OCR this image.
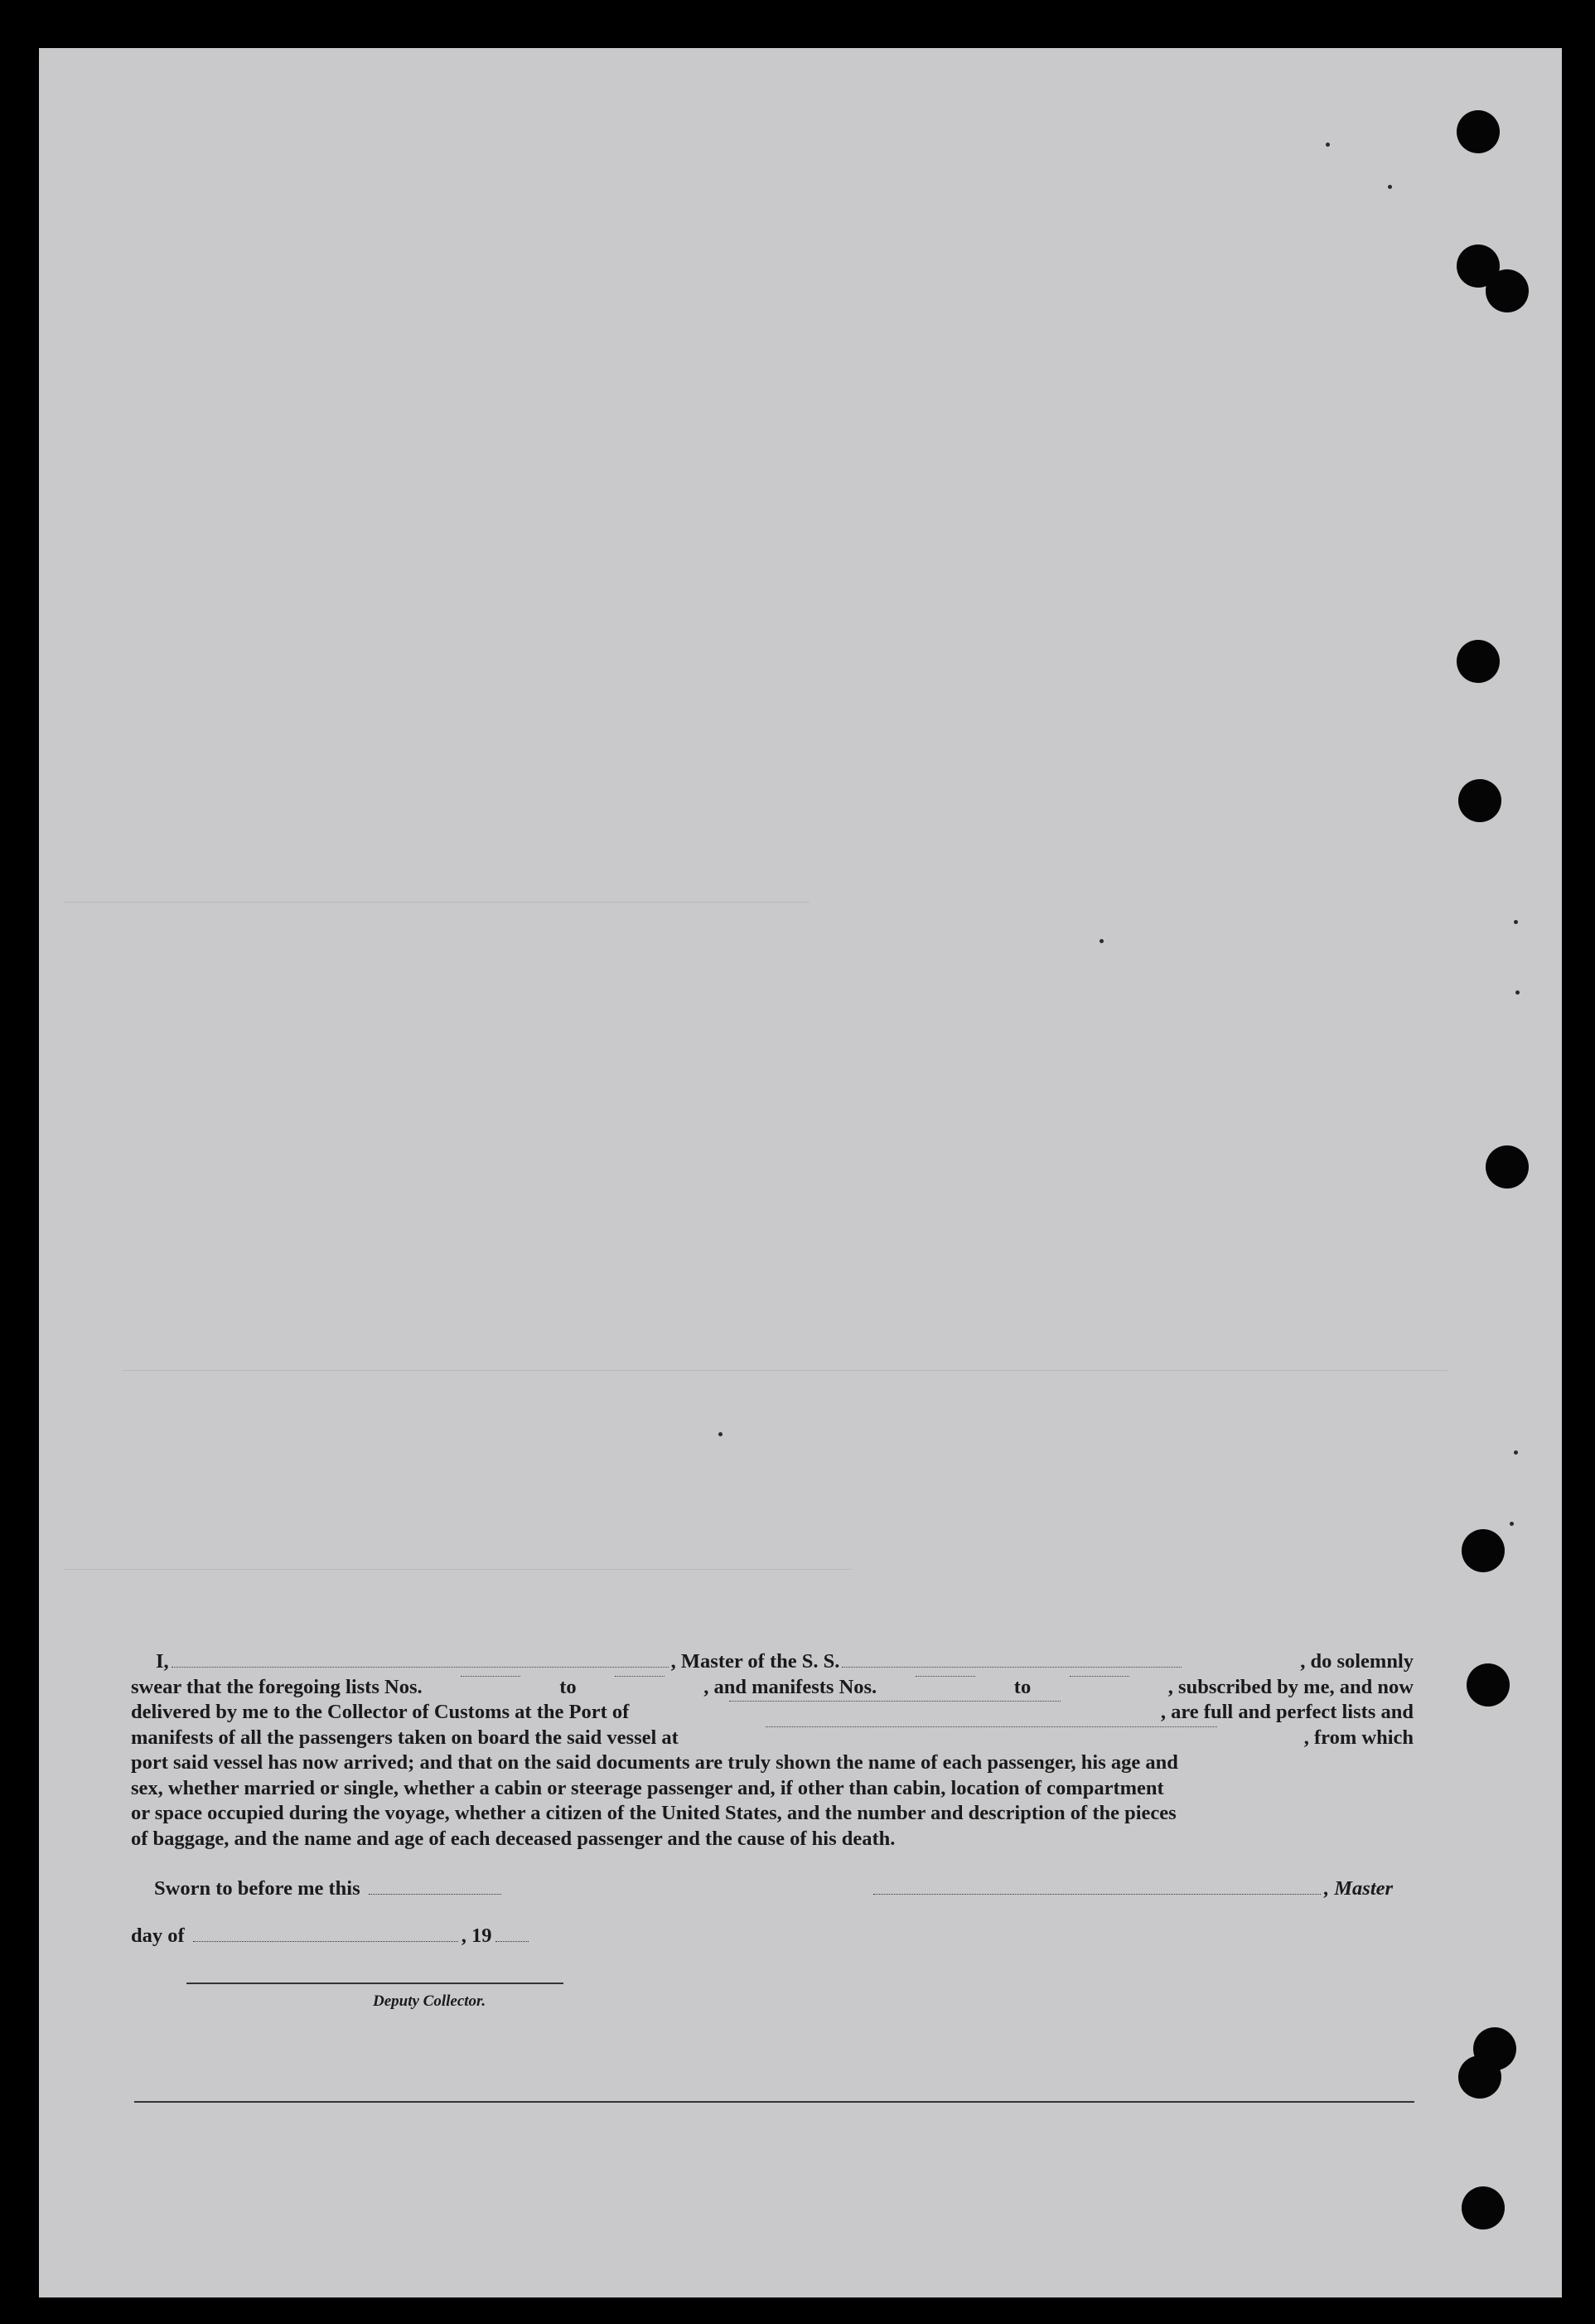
I,	, Master of the S. S.	, do solemnly
swear that the foregoing lists Nos.	to	, and manifests Nos.	to	, subscribed by me, and now
delivered by me to the Collector of Customs at the Port of	, are full and perfect lists and
manifests of all the passengers taken on board the said vessel at	, from which
port said vessel has now arrived; and that on the said documents are truly shown the name of each passenger, his age and
sex, whether married or single, whether a cabin or steerage passenger and, if other than cabin, location of compartment
or space occupied during the voyage, whether a citizen of the United States, and the number and description of the pieces
of baggage, and the name and age of each deceased passenger and the cause of his death.
Sworn to before me this	, Master
day of	, 19
Deputy Collector.
